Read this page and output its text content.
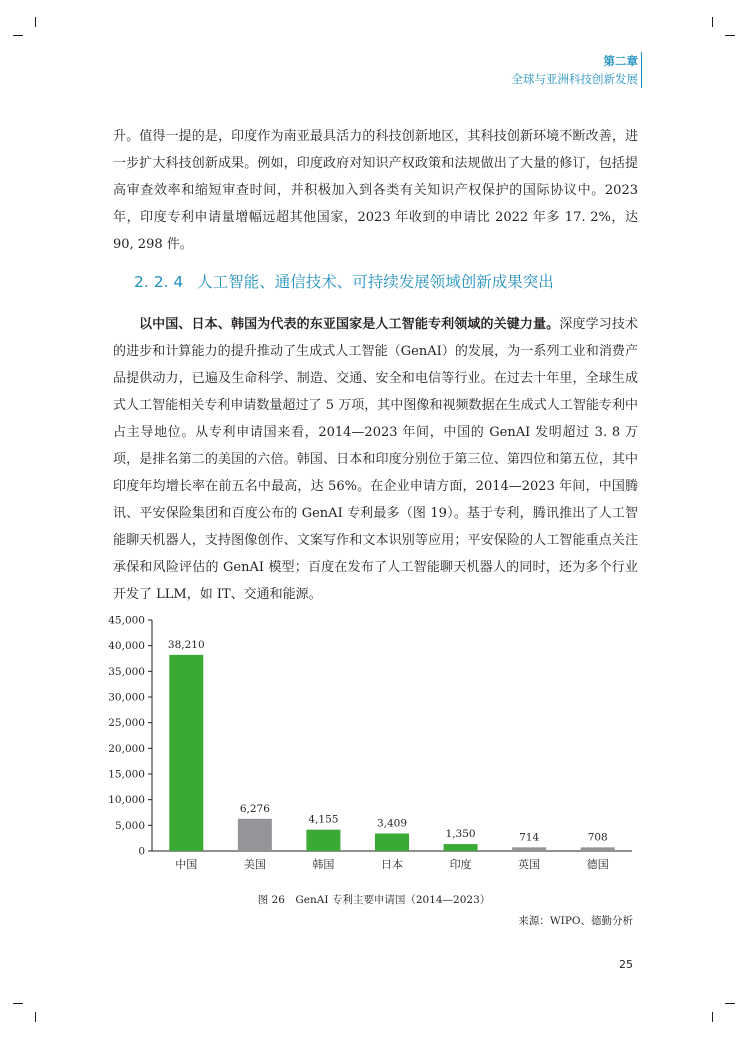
第二章
全球与亚洲科技创新发展

升。值得一提的是，印度作为南亚最具活力的科技创新地区，其科技创新环境不断改善，进一步扩大科技创新成果。例如，印度政府对知识产权政策和法规做出了大量的修订，包括提高审查效率和缩短审查时间，并积极加入到各类有关知识产权保护的国际协议中。2023 年，印度专利申请量增幅远超其他国家，2023 年收到的申请比 2022 年多 17. 2%，达 90, 298 件。

2. 2. 4 人工智能、通信技术、可持续发展领域创新成果突出

以中国、日本、韩国为代表的东亚国家是人工智能专利领域的关键力量。深度学习技术的进步和计算能力的提升推动了生成式人工智能（GenAI）的发展，为一系列工业和消费产品提供动力，已遍及生命科学、制造、交通、安全和电信等行业。在过去十年里，全球生成式人工智能相关专利申请数量超过了 5 万项，其中图像和视频数据在生成式人工智能专利中占主导地位。从专利申请国来看，2014—2023 年间，中国的 GenAI 发明超过 3. 8 万项，是排名第二的美国的六倍。韩国、日本和印度分别位于第三位、第四位和第五位，其中印度年均增长率在前五名中最高，达 56%。在企业申请方面，2014—2023 年间，中国腾讯、平安保险集团和百度公布的 GenAI 专利最多（图 19）。基于专利，腾讯推出了人工智能聊天机器人，支持图像创作、文案写作和文本识别等应用；平安保险的人工智能重点关注承保和风险评估的 GenAI 模型；百度在发布了人工智能聊天机器人的同时，还为多个行业开发了 LLM，如 IT、交通和能源。

0
5,000
10,000
15,000
20,000
25,000
30,000
35,000
40,000
45,000
38,210
中国
6,276
美国
4,155
韩国
3,409
日本
1,350
印度
714
英国
708
德国
图 26　GenAI 专利主要申请国（2014—2023）
来源：WIPO、德勤分析
25
